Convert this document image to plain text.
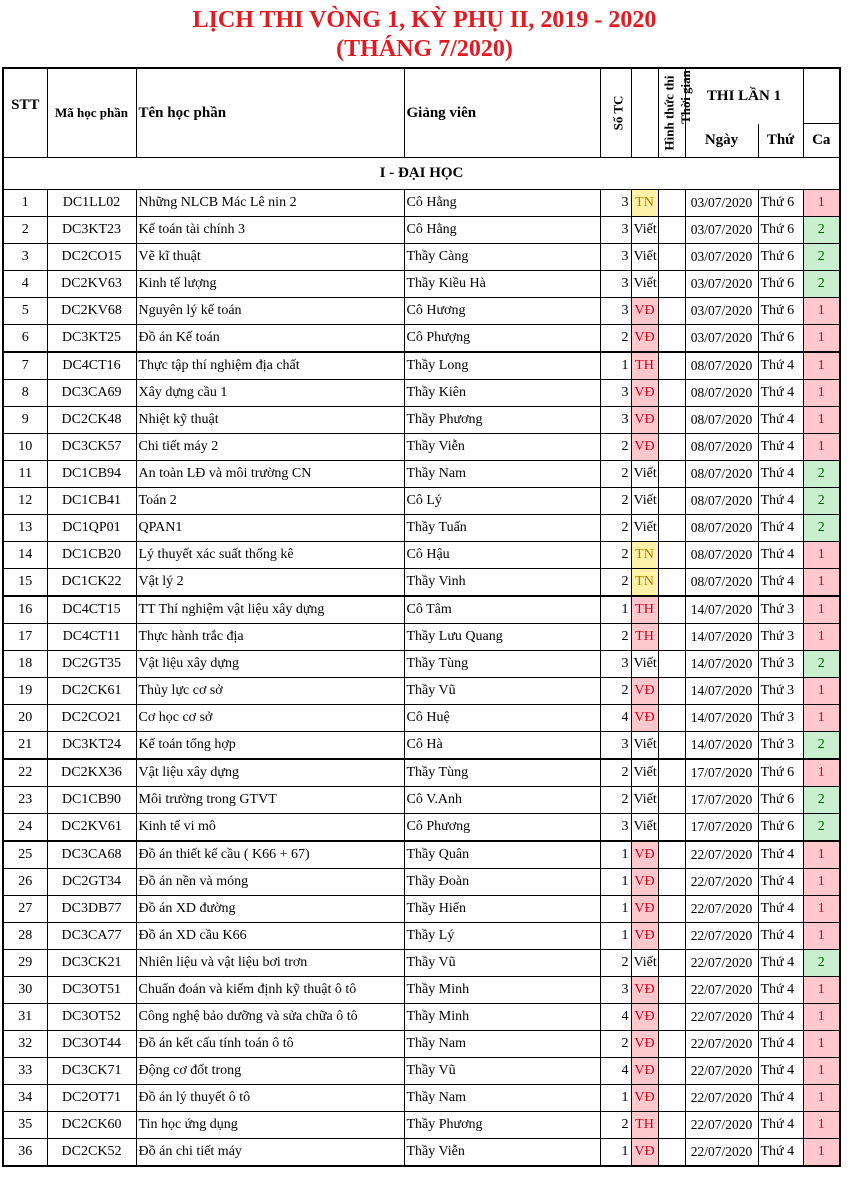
LỊCH THI VÒNG 1, KỲ PHỤ II, 2019 - 2020
(THÁNG 7/2020)
STT	Mã học phần	Tên học phần	Giảng viên	Số TC	Hình thức thi	Thời gian	THI LẦN 1		
							Ngày	Thứ	Ca
I - ĐẠI HỌC									
1	DC1LL02	Những NLCB Mác Lê nin 2	Cô Hằng	3	TN		03/07/2020	Thứ 6	1
2	DC3KT23	Kế toán tài chính 3	Cô Hằng	3	Viết		03/07/2020	Thứ 6	2
3	DC2CO15	Vẽ kĩ thuật	Thầy Càng	3	Viết		03/07/2020	Thứ 6	2
4	DC2KV63	Kinh tế lượng	Thầy Kiều Hà	3	Viết		03/07/2020	Thứ 6	2
5	DC2KV68	Nguyên lý kế toán	Cô Hương	3	VĐ		03/07/2020	Thứ 6	1
6	DC3KT25	Đồ án Kế toán	Cô Phượng	2	VĐ		03/07/2020	Thứ 6	1
7	DC4CT16	Thực tập thí nghiệm địa chất	Thầy Long	1	TH		08/07/2020	Thứ 4	1
8	DC3CA69	Xây dựng cầu 1	Thầy Kiên	3	VĐ		08/07/2020	Thứ 4	1
9	DC2CK48	Nhiệt kỹ thuật	Thầy Phương	3	VĐ		08/07/2020	Thứ 4	1
10	DC3CK57	Chi tiết máy 2	Thầy Viễn	2	VĐ		08/07/2020	Thứ 4	1
11	DC1CB94	An toàn LĐ và môi trường CN	Thầy Nam	2	Viết		08/07/2020	Thứ 4	2
12	DC1CB41	Toán 2	Cô Lý	2	Viết		08/07/2020	Thứ 4	2
13	DC1QP01	QPAN1	Thầy Tuấn	2	Viết		08/07/2020	Thứ 4	2
14	DC1CB20	Lý thuyết xác suất thống kê	Cô Hậu	2	TN		08/07/2020	Thứ 4	1
15	DC1CK22	Vật lý 2	Thầy Vinh	2	TN		08/07/2020	Thứ 4	1
16	DC4CT15	TT Thí nghiệm vật liệu xây dựng	Cô Tâm	1	TH		14/07/2020	Thứ 3	1
17	DC4CT11	Thực hành trắc địa	Thầy Lưu Quang	2	TH		14/07/2020	Thứ 3	1
18	DC2GT35	Vật liệu xây dựng	Thầy Tùng	3	Viết		14/07/2020	Thứ 3	2
19	DC2CK61	Thủy lực cơ sở	Thầy Vũ	2	VĐ		14/07/2020	Thứ 3	1
20	DC2CO21	Cơ học cơ sở	Cô Huệ	4	VĐ		14/07/2020	Thứ 3	1
21	DC3KT24	Kế toán tổng hợp	Cô Hà	3	Viết		14/07/2020	Thứ 3	2
22	DC2KX36	Vật liệu xây dựng	Thầy Tùng	2	Viết		17/07/2020	Thứ 6	1
23	DC1CB90	Môi trường trong GTVT	Cô V.Anh	2	Viết		17/07/2020	Thứ 6	2
24	DC2KV61	Kinh tế vi mô	Cô Phương	3	Viết		17/07/2020	Thứ 6	2
25	DC3CA68	Đồ án thiết kế cầu ( K66 + 67)	Thầy Quân	1	VĐ		22/07/2020	Thứ 4	1
26	DC2GT34	Đồ án nền và móng	Thầy Đoàn	1	VĐ		22/07/2020	Thứ 4	1
27	DC3DB77	Đồ án XD đường	Thầy Hiển	1	VĐ		22/07/2020	Thứ 4	1
28	DC3CA77	Đồ án XD cầu K66	Thầy Lý	1	VĐ		22/07/2020	Thứ 4	1
29	DC3CK21	Nhiên liệu và vật liệu bơi trơn	Thầy Vũ	2	Viết		22/07/2020	Thứ 4	2
30	DC3OT51	Chuẩn đoán và kiểm định kỹ thuật ô tô	Thầy Minh	3	VĐ		22/07/2020	Thứ 4	1
31	DC3OT52	Công nghệ bảo dưỡng và sửa chữa ô tô	Thầy Minh	4	VĐ		22/07/2020	Thứ 4	1
32	DC3OT44	Đồ án kết cấu tính toán ô tô	Thầy Nam	2	VĐ		22/07/2020	Thứ 4	1
33	DC3CK71	Động cơ đốt trong	Thầy Vũ	4	VĐ		22/07/2020	Thứ 4	1
34	DC2OT71	Đồ án lý thuyết ô tô	Thầy Nam	1	VĐ		22/07/2020	Thứ 4	1
35	DC2CK60	Tin học ứng dụng	Thầy Phương	2	TH		22/07/2020	Thứ 4	1
36	DC2CK52	Đồ án chi tiết máy	Thầy Viễn	1	VĐ		22/07/2020	Thứ 4	1
